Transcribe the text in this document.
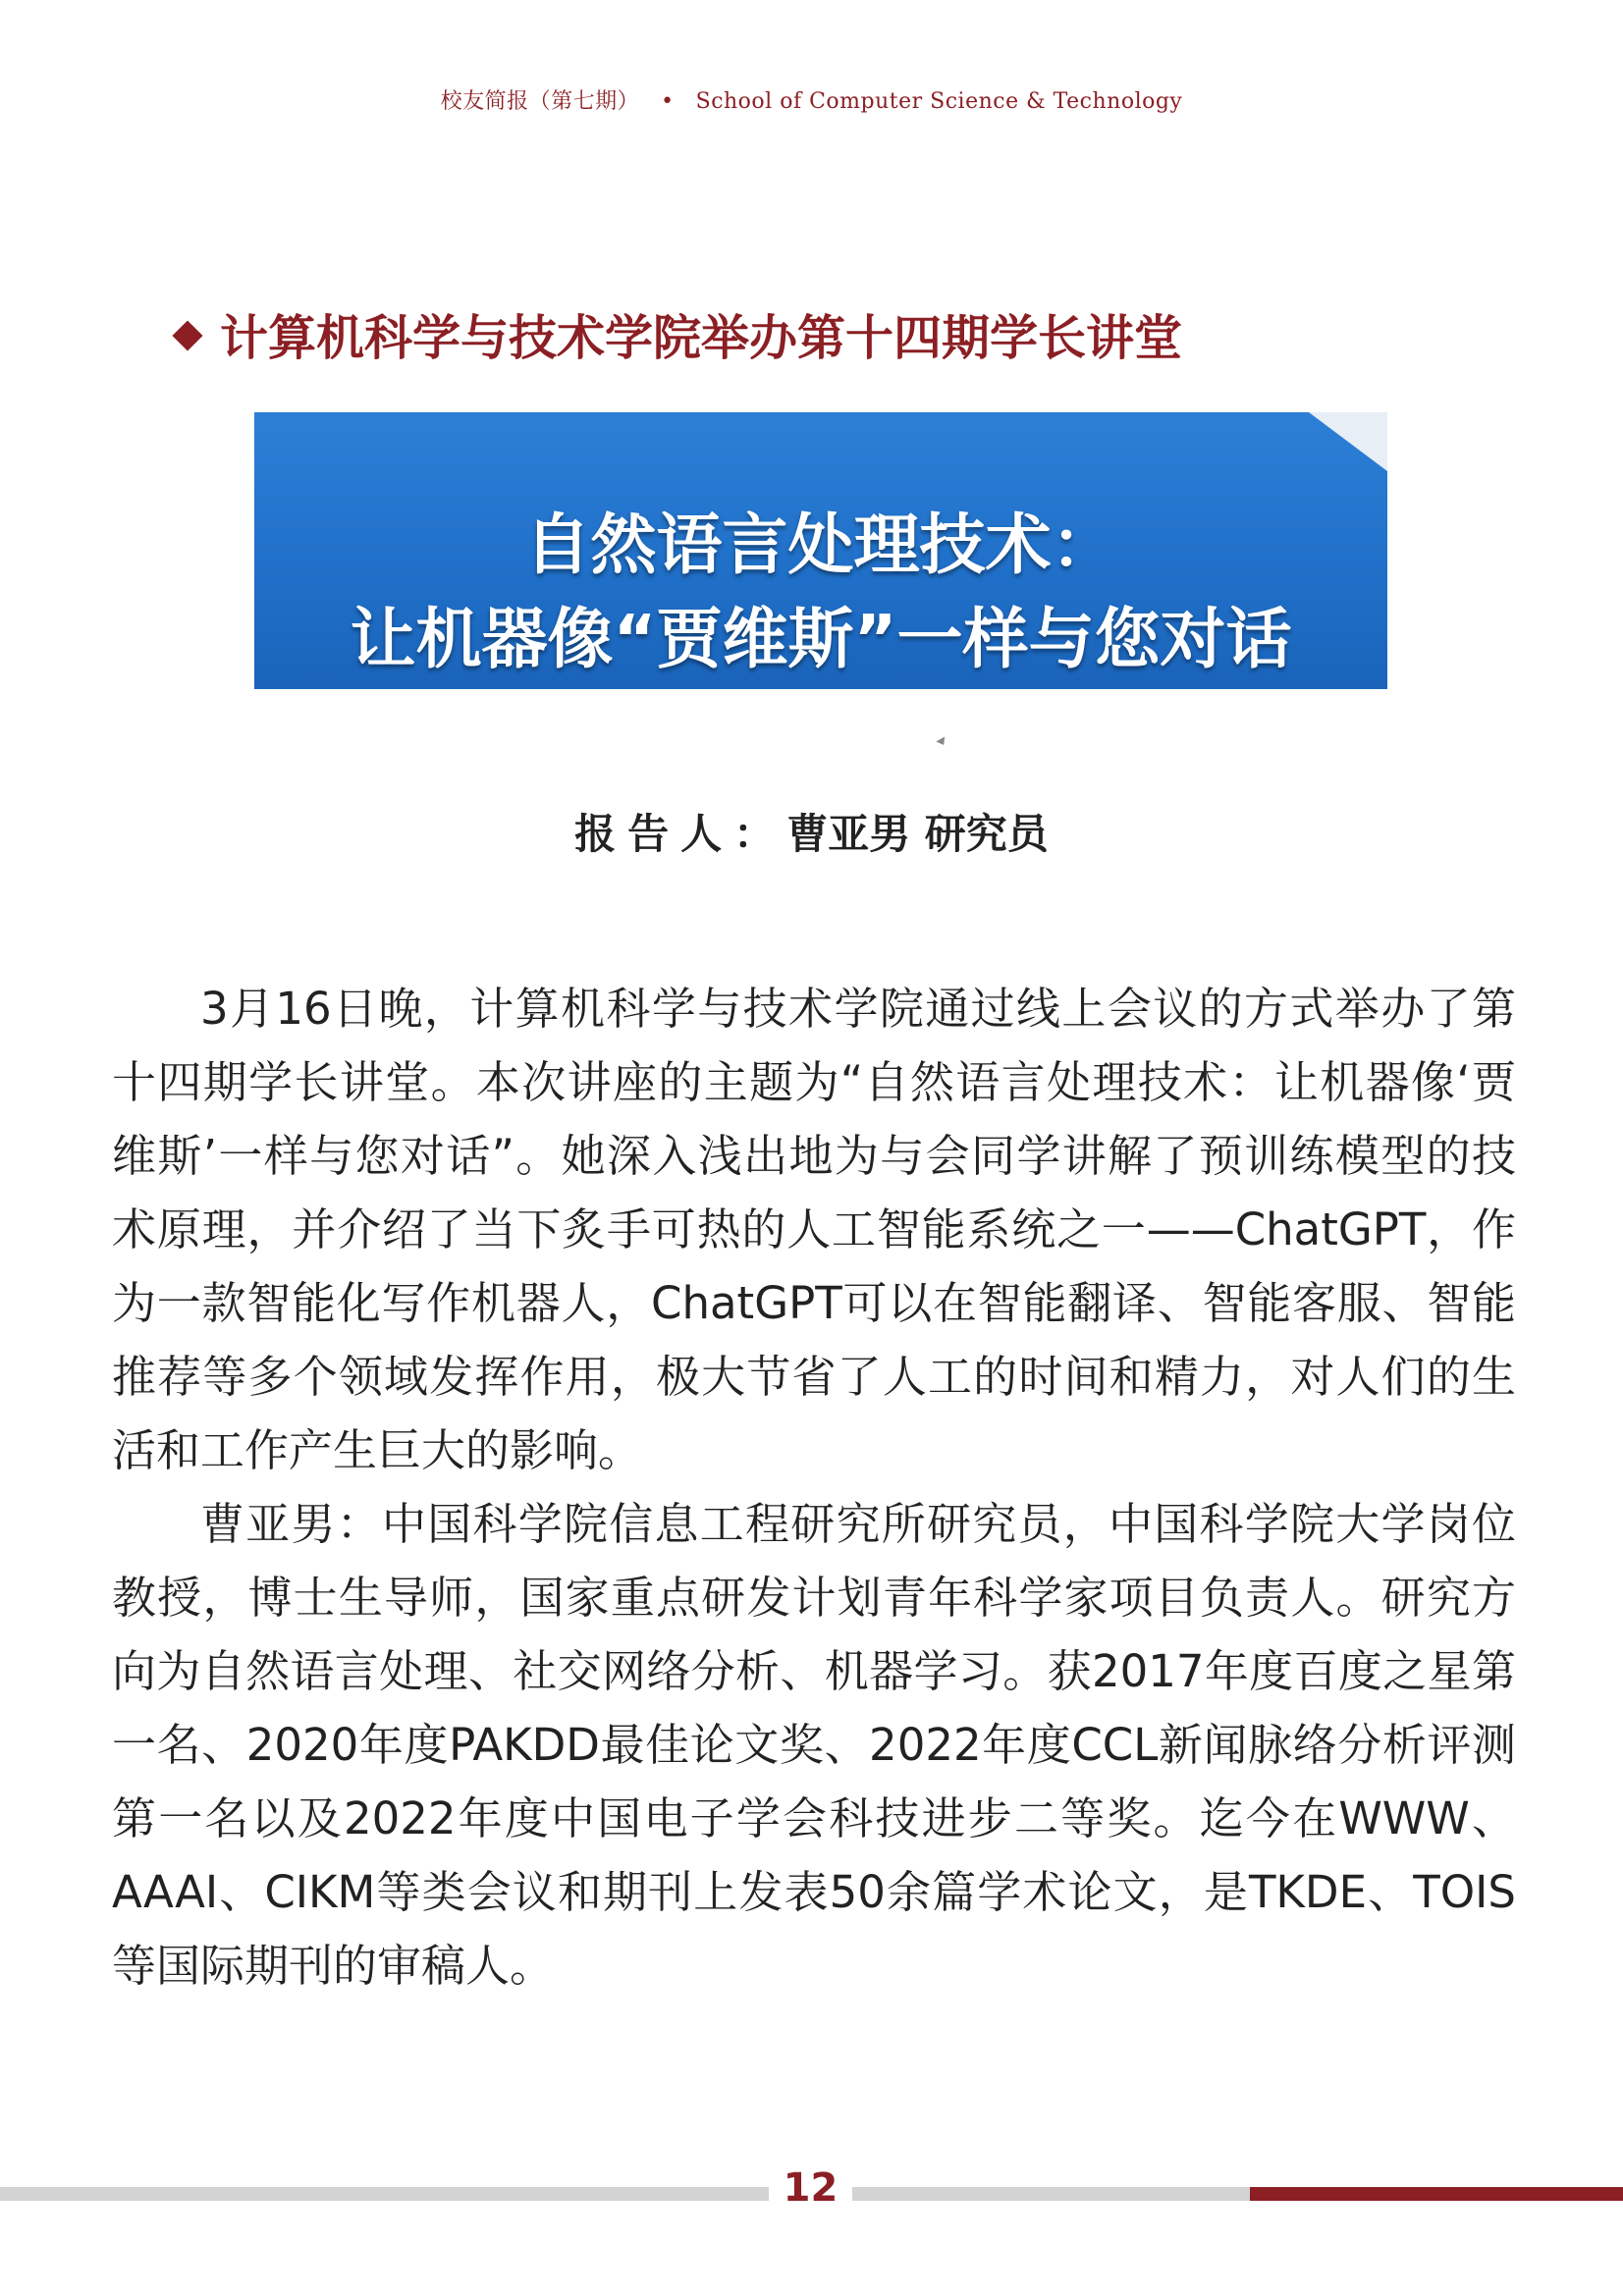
校友简报（第七期） • School of Computer Science & Technology
计算机科学与技术学院举办第十四期学长讲堂
自然语言处理技术：
让机器像“贾维斯”一样与您对话
报告人：曹亚男 研究员

3月16日晚，计算机科学与技术学院通过线上会议的方式举办了第十四期学长讲堂。本次讲座的主题为“自然语言处理技术：让机器像‘贾维斯’一样与您对话”。她深入浅出地为与会同学讲解了预训练模型的技术原理，并介绍了当下炙手可热的人工智能系统之一——ChatGPT，作为一款智能化写作机器人，ChatGPT可以在智能翻译、智能客服、智能推荐等多个领域发挥作用，极大节省了人工的时间和精力，对人们的生活和工作产生巨大的影响。

曹亚男：中国科学院信息工程研究所研究员，中国科学院大学岗位教授，博士生导师，国家重点研发计划青年科学家项目负责人。研究方向为自然语言处理、社交网络分析、机器学习。获2017年度百度之星第一名、2020年度PAKDD最佳论文奖、2022年度CCL新闻脉络分析评测第一名以及2022年度中国电子学会科技进步二等奖。迄今在WWW、AAAI、CIKM等类会议和期刊上发表50余篇学术论文，是TKDE、TOIS等国际期刊的审稿人。

12
